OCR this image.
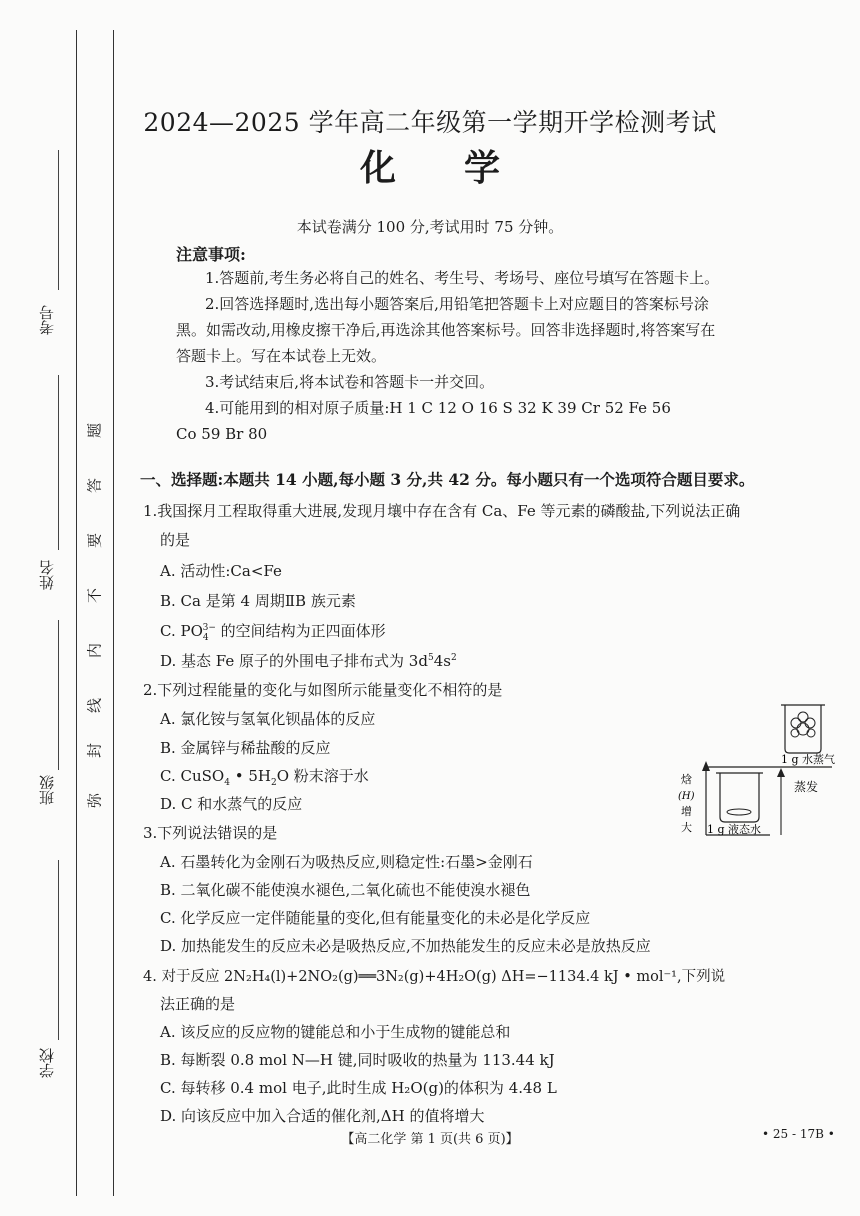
考号
姓名
班级
学校
题
答
要
不
内
线
封
弥
2024—2025 学年高二年级第一学期开学检测考试
化学
本试卷满分 100 分,考试用时 75 分钟。
注意事项:
1.答题前,考生务必将自己的姓名、考生号、考场号、座位号填写在答题卡上。
2.回答选择题时,选出每小题答案后,用铅笔把答题卡上对应题目的答案标号涂
黑。如需改动,用橡皮擦干净后,再选涂其他答案标号。回答非选择题时,将答案写在
答题卡上。写在本试卷上无效。
3.考试结束后,将本试卷和答题卡一并交回。
4.可能用到的相对原子质量:H 1 C 12 O 16 S 32 K 39 Cr 52 Fe 56
Co 59 Br 80
一、选择题:本题共 14 小题,每小题 3 分,共 42 分。每小题只有一个选项符合题目要求。
1.我国探月工程取得重大进展,发现月壤中存在含有 Ca、Fe 等元素的磷酸盐,下列说法正确
的是
A. 活动性:Ca<Fe
B. Ca 是第 4 周期ⅡB 族元素
C. $PO_4^{3-}$ 的空间结构为正四面体形
D. 基态 Fe 原子的外围电子排布式为 $3d^54s^2$
2.下列过程能量的变化与如图所示能量变化不相符的是
A. 氯化铵与氢氧化钡晶体的反应
B. 金属锌与稀盐酸的反应
C. CuSO$_4$ • $5H_2O$ 粉末溶于水
D. C 和水蒸气的反应
1 g 水蒸气
蒸发
1 g 液态水
焓
(H)
增
大
3.下列说法错误的是
A. 石墨转化为金刚石为吸热反应,则稳定性:石墨>金刚石
B. 二氧化碳不能使溴水褪色,二氧化硫也不能使溴水褪色
C. 化学反应一定伴随能量的变化,但有能量变化的未必是化学反应
D. 加热能发生的反应未必是吸热反应,不加热能发生的反应未必是放热反应
4. 对于反应 2N₂H₄(l)+2NO₂(g)══3N₂(g)+4H₂O(g) ΔH=−1134.4 kJ • mol⁻¹,下列说
法正确的是
A. 该反应的反应物的键能总和小于生成物的键能总和
B. 每断裂 0.8 mol N—H 键,同时吸收的热量为 113.44 kJ
C. 每转移 0.4 mol 电子,此时生成 H₂O(g)的体积为 4.48 L
D. 向该反应中加入合适的催化剂,ΔH 的值将增大
【高二化学 第 1 页(共 6 页)】	• 25 - 17B •
